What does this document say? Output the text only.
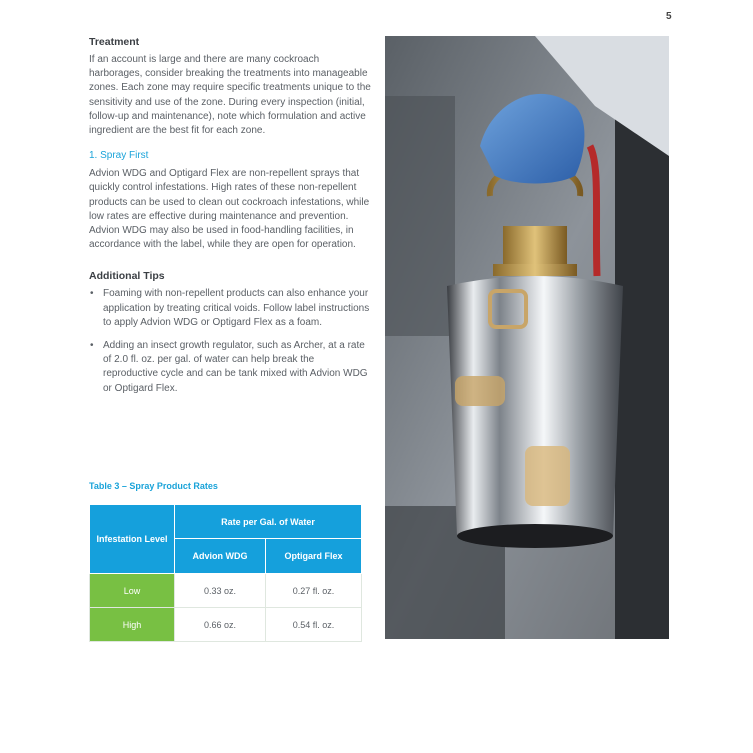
5
Treatment

If an account is large and there are many cockroach harborages, consider breaking the treatments into manageable zones. Each zone may require specific treatments unique to the sensitivity and use of the zone. During every inspection (initial, follow-up and maintenance), note which formulation and active ingredient are the best fit for each zone.

1. Spray First

Advion WDG and Optigard Flex are non-repellent sprays that quickly control infestations. High rates of these non-repellent products can be used to clean out cockroach infestations, while low rates are effective during maintenance and prevention. Advion WDG may also be used in food-handling facilities, in accordance with the label, while they are open for operation.

Additional Tips
• Foaming with non-repellent products can also enhance your application by treating critical voids. Follow label instructions to apply Advion WDG or Optigard Flex as a foam.
• Adding an insect growth regulator, such as Archer, at a rate of 2.0 fl. oz. per gal. of water can help break the reproductive cycle and can be tank mixed with Advion WDG or Optigard Flex.
Table 3 – Spray Product Rates
Infestation Level	Rate per Gal. of Water	
	Advion WDG	Optigard Flex
Low	0.33 oz.	0.27 fl. oz.
High	0.66 oz.	0.54 fl. oz.
